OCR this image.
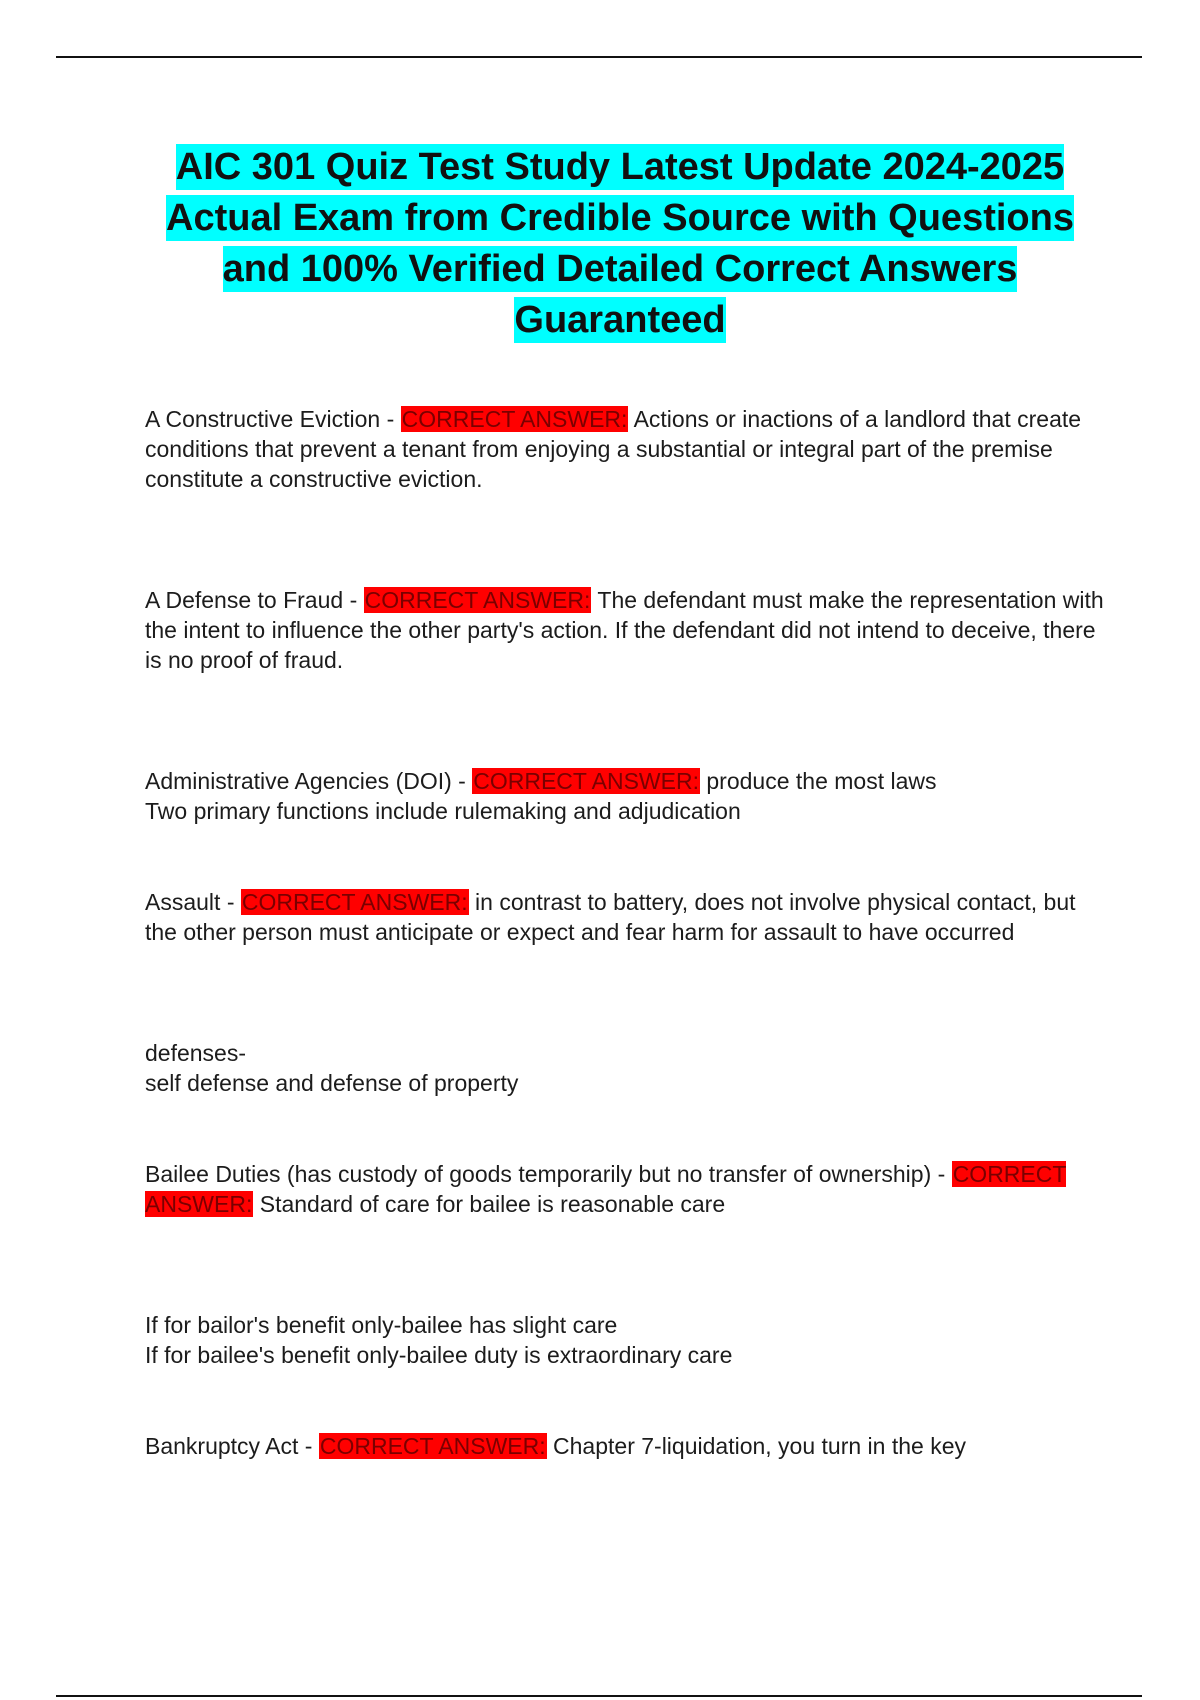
AIC 301 Quiz Test Study Latest Update 2024-2025 Actual Exam from Credible Source with Questions and 100% Verified Detailed Correct Answers Guaranteed

A Constructive Eviction - CORRECT ANSWER: Actions or inactions of a landlord that create conditions that prevent a tenant from enjoying a substantial or integral part of the premise constitute a constructive eviction.

A Defense to Fraud - CORRECT ANSWER: The defendant must make the representation with the intent to influence the other party's action. If the defendant did not intend to deceive, there is no proof of fraud.

Administrative Agencies (DOI) - CORRECT ANSWER: produce the most laws

Two primary functions include rulemaking and adjudication

Assault - CORRECT ANSWER: in contrast to battery, does not involve physical contact, but the other person must anticipate or expect and fear harm for assault to have occurred

defenses-

self defense and defense of property

Bailee Duties (has custody of goods temporarily but no transfer of ownership) - CORRECT ANSWER: Standard of care for bailee is reasonable care

If for bailor's benefit only-bailee has slight care

If for bailee's benefit only-bailee duty is extraordinary care

Bankruptcy Act - CORRECT ANSWER: Chapter 7-liquidation, you turn in the key
